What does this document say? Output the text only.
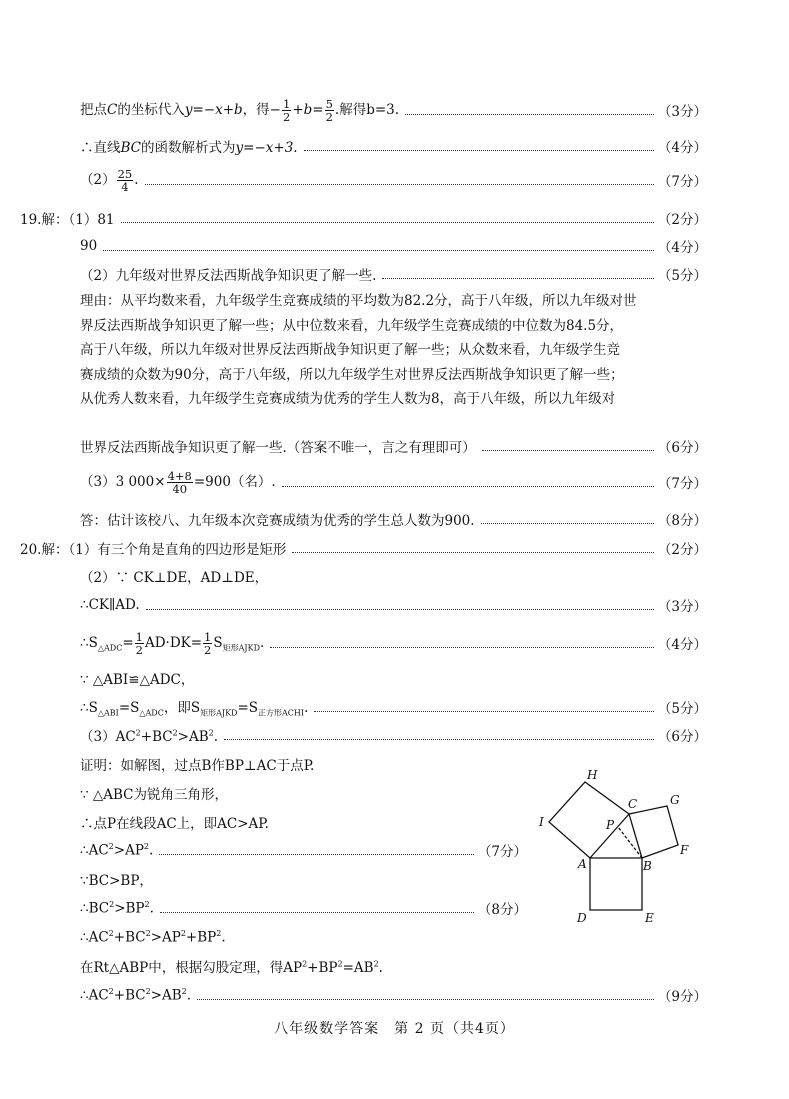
把点C的坐标代入y=−x+b，得− $\frac{1}{2} +b= \frac{5}{2}$ .解得b=3.	（3分）
∴直线BC的函数解析式为y=−x+3.	（4分）
$(2) \frac{25}{4}$ .	（7分）
19.解：（1）81	（2分）
90	（4分）
（2）九年级对世界反法西斯战争知识更了解一些.	（5分）
理由：从平均数来看，九年级学生竞赛成绩的平均数为82.2分，高于八年级，所以九年级对世
界反法西斯战争知识更了解一些；从中位数来看，九年级学生竞赛成绩的中位数为84.5分，
高于八年级，所以九年级对世界反法西斯战争知识更了解一些；从众数来看，九年级学生竞
赛成绩的众数为90分，高于八年级，所以九年级学生对世界反法西斯战争知识更了解一些；
从优秀人数来看，九年级学生竞赛成绩为优秀的学生人数为8，高于八年级，所以九年级对
世界反法西斯战争知识更了解一些.（答案不唯一，言之有理即可）	（6分）
（3）3 $000\times \frac{4+8}{40} =900$（名）.	（7分）
答：估计该校八、九年级本次竞赛成绩为优秀的学生总人数为900.	（8分）
20.解：（1）有三个角是直角的四边形是矩形	（2分）
（2）∵ CK⊥DE，AD⊥DE，
∴CK∥AD.	（3分）
$\therefore S_{\triangle ADC}= \frac{1}{2} AD\cdot DK= \frac{1}{2} S_{矩形AJKD}$.	（4分）
∵ △ABI≌△ADC，
$\therefore S_{\triangle ABI}=S_{\triangle ADC}$，即$S_{矩形AJKD}=S_{正方形ACHI}$.	（5分）
$(3)AC^2+BC^2>AB^2$.	（6分）
证明：如解图，过点B作BP⊥AC于点P.
∵ △ABC为锐角三角形，
∴点P在线段AC上，即AC>AP.
$\therefore AC^2>AP^2$.	（7分）
∵BC>BP，
$\therefore BC^2>BP^2$.	（8分）
$\therefore AC^2+BC^2>AP^2+BP^2$.
在Rt△ABP中，根据勾股定理，得$AP^2+BP^2=AB^2$.
$\therefore AC^2+BC^2>AB^2$.	（9分）
H
G
C
I	P
F
A	B
D	E
八年级数学答案　第 2 页（共4页）
